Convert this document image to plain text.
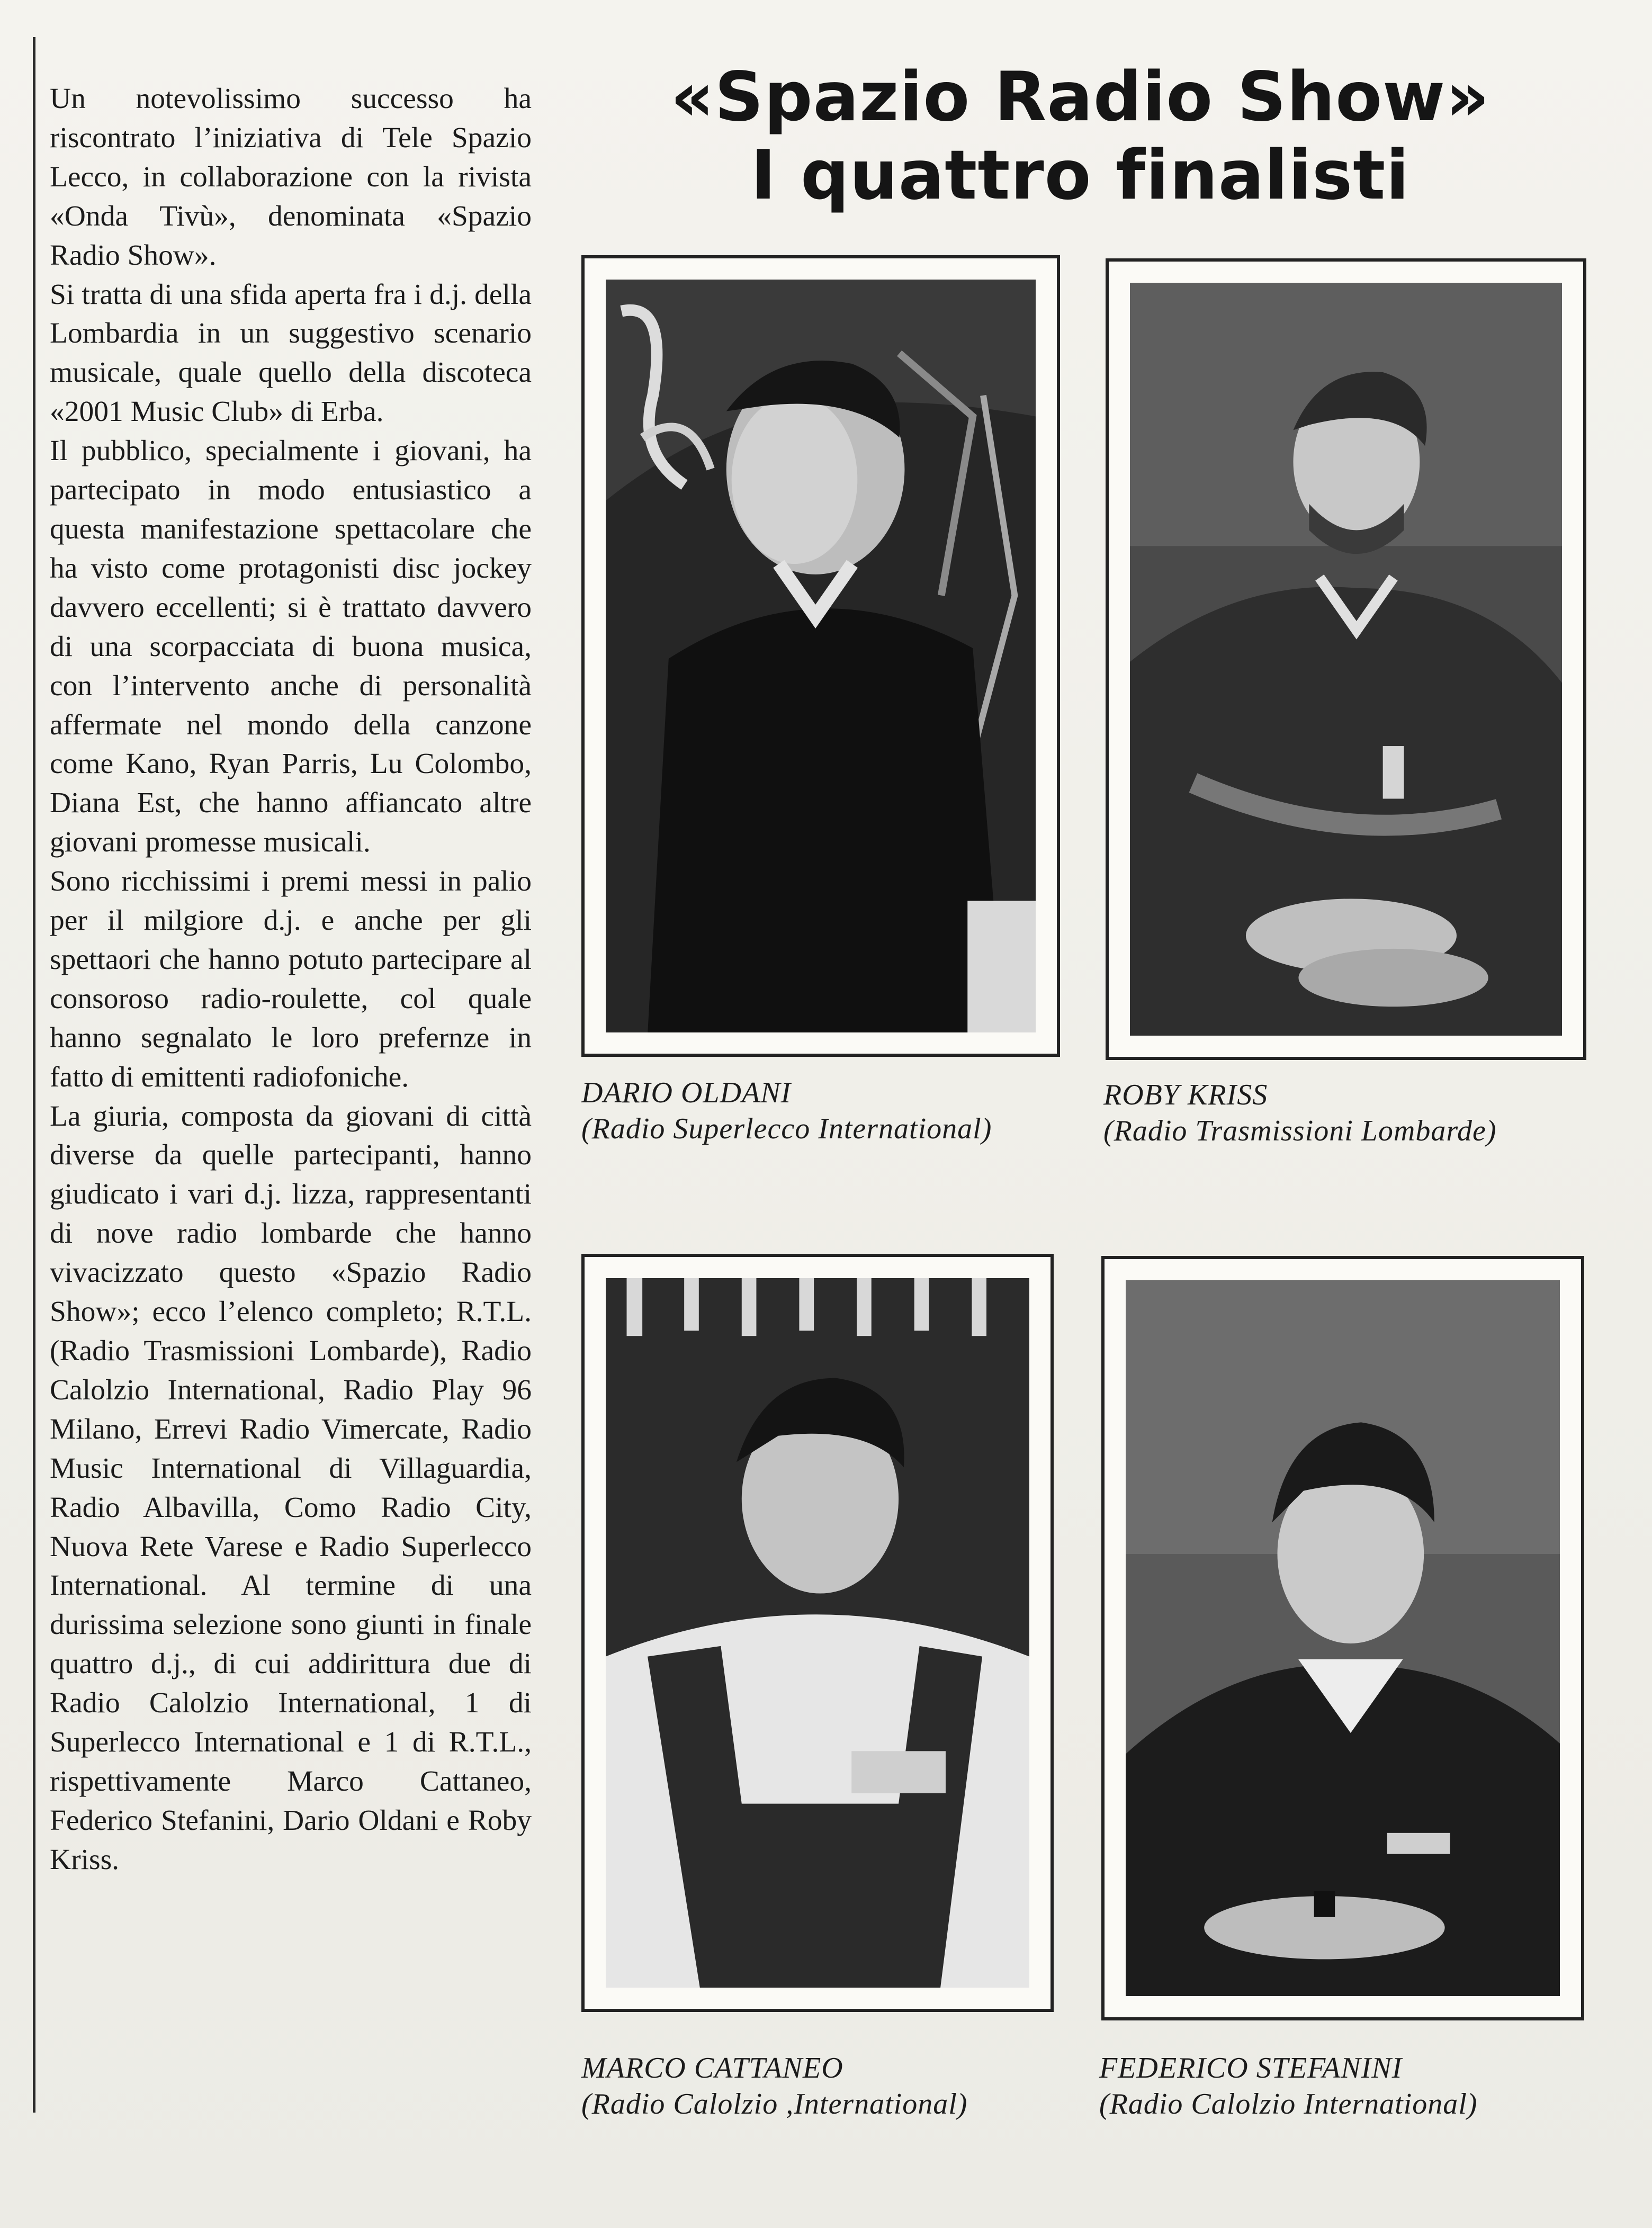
Un notevolissimo successo ha riscontrato l’iniziativa di Tele Spazio Lecco, in collaborazione con la rivista «Onda Tivù», denominata «Spazio Radio Show».

Si tratta di una sfida aperta fra i d.j. della Lombardia in un suggestivo scenario musicale, quale quello della discoteca «2001 Music Club» di Erba.

Il pubblico, specialmente i giovani, ha partecipato in modo entusiastico a questa manifestazione spettacolare che ha visto come protagonisti disc jockey davvero eccellenti; si è trattato davvero di una scorpacciata di buona musica, con l’intervento anche di personalità affermate nel mondo della canzone come Kano, Ryan Parris, Lu Colombo, Diana Est, che hanno affiancato altre giovani promesse musicali.

Sono ricchissimi i premi messi in palio per il milgiore d.j. e anche per gli spettaori che hanno potuto partecipare al consoroso radio-roulette, col quale hanno segnalato le loro prefernze in fatto di emittenti radiofoniche.

La giuria, composta da giovani di città diverse da quelle partecipanti, hanno giudicato i vari d.j. lizza, rappresentanti di nove radio lombarde che hanno vivacizzato questo «Spazio Radio Show»; ecco l’elenco completo; R.T.L. (Radio Trasmissioni Lombarde), Radio Calolzio International, Radio Play 96 Milano, Errevi Radio Vimercate, Radio Music International di Villaguardia, Radio Albavilla, Como Radio City, Nuova Rete Varese e Radio Superlecco International. Al termine di una durissima selezione sono giunti in finale quattro d.j., di cui addirittura due di Radio Calolzio International, 1 di Superlecco International e 1 di R.T.L., rispettivamente Marco Cattaneo, Federico Stefanini, Dario Oldani e Roby Kriss.

«Spazio Radio Show»
I quattro finalisti
DARIO OLDANI
(Radio Superlecco International)
ROBY KRISS
(Radio Trasmissioni Lombarde)
MARCO CATTANEO
(Radio Calolzio ,International)
FEDERICO STEFANINI
(Radio Calolzio International)
